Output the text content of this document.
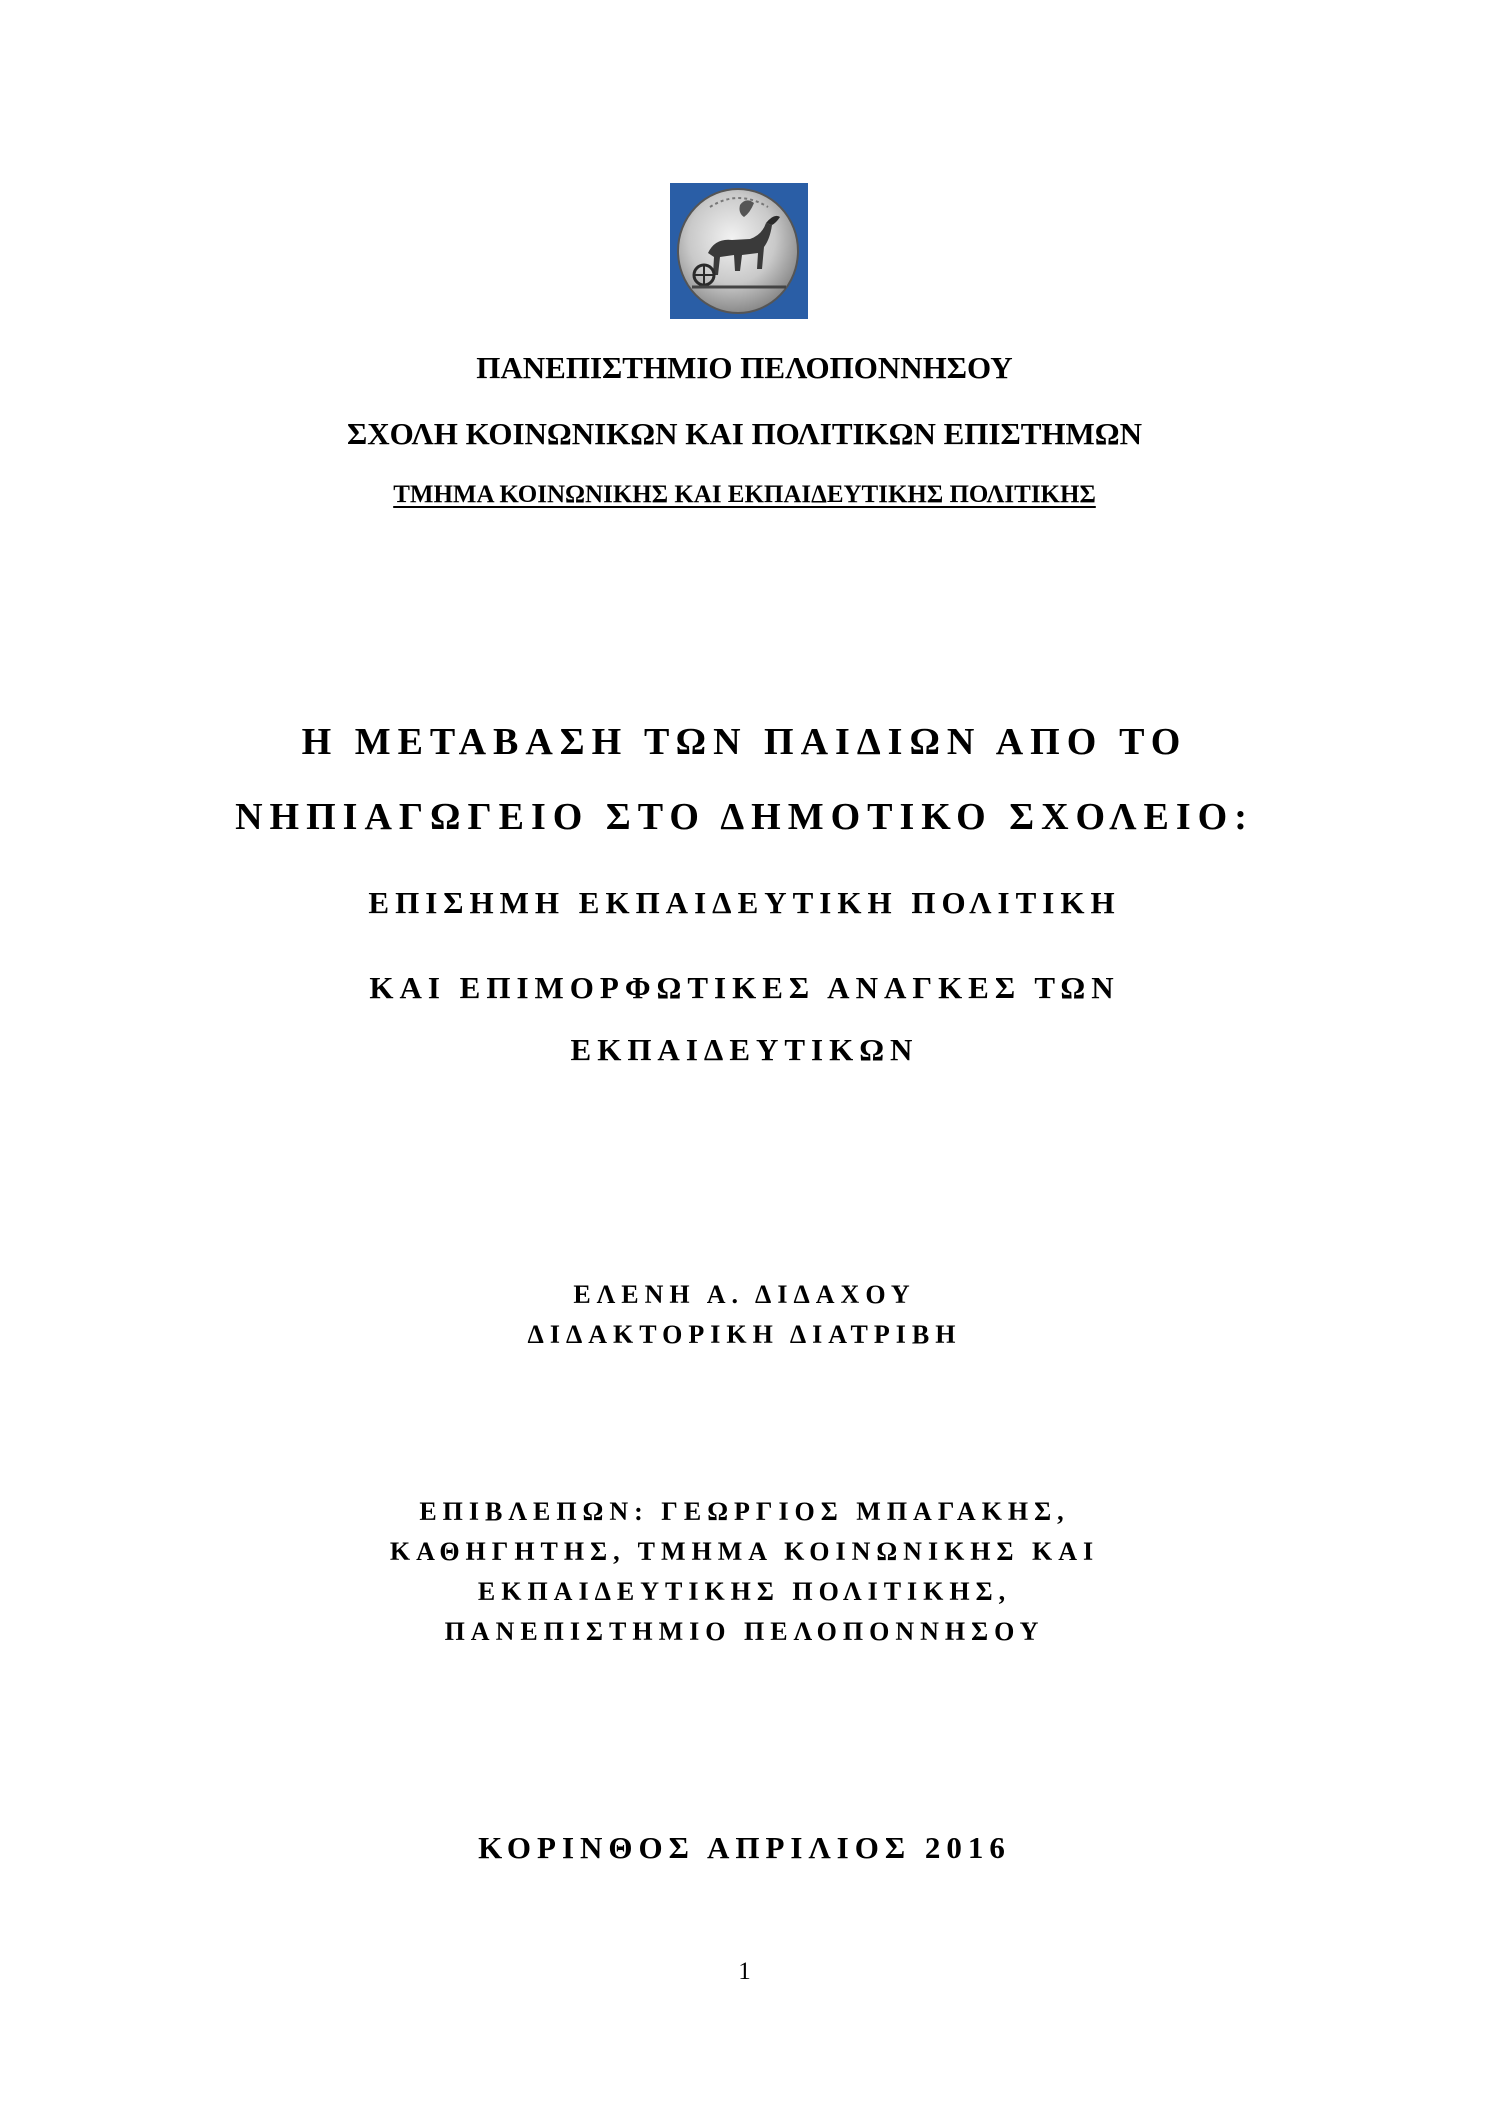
ΠΑΝΕΠΙΣΤΗΜΙΟ ΠΕΛΟΠΟΝΝΗΣΟΥ
ΣΧΟΛΗ ΚΟΙΝΩΝΙΚΩΝ ΚΑΙ ΠΟΛΙΤΙΚΩΝ ΕΠΙΣΤΗΜΩΝ
ΤΜΗΜΑ ΚΟΙΝΩΝΙΚΗΣ ΚΑΙ ΕΚΠΑΙΔΕΥΤΙΚΗΣ ΠΟΛΙΤΙΚΗΣ
Η ΜΕΤΑΒΑΣΗ ΤΩΝ ΠΑΙΔΙΩΝ ΑΠΟ ΤΟ
ΝΗΠΙΑΓΩΓΕΙΟ ΣΤΟ ΔΗΜΟΤΙΚΟ ΣΧΟΛΕΙΟ:
ΕΠΙΣΗΜΗ ΕΚΠΑΙΔΕΥΤΙΚΗ ΠΟΛΙΤΙΚΗ
ΚΑΙ ΕΠΙΜΟΡΦΩΤΙΚΕΣ ΑΝΑΓΚΕΣ ΤΩΝ
ΕΚΠΑΙΔΕΥΤΙΚΩΝ
ΕΛΕΝΗ Α. ΔΙΔΑΧΟΥ
ΔΙΔΑΚΤΟΡΙΚΗ ΔΙΑΤΡΙΒΗ
ΕΠΙΒΛΕΠΩΝ: ΓΕΩΡΓΙΟΣ ΜΠΑΓΑΚΗΣ,
ΚΑΘΗΓΗΤΗΣ, ΤΜΗΜΑ ΚΟΙΝΩΝΙΚΗΣ ΚΑΙ
ΕΚΠΑΙΔΕΥΤΙΚΗΣ ΠΟΛΙΤΙΚΗΣ,
ΠΑΝΕΠΙΣΤΗΜΙΟ ΠΕΛΟΠΟΝΝΗΣΟΥ
ΚΟΡΙΝΘΟΣ ΑΠΡΙΛΙΟΣ 2016
1
